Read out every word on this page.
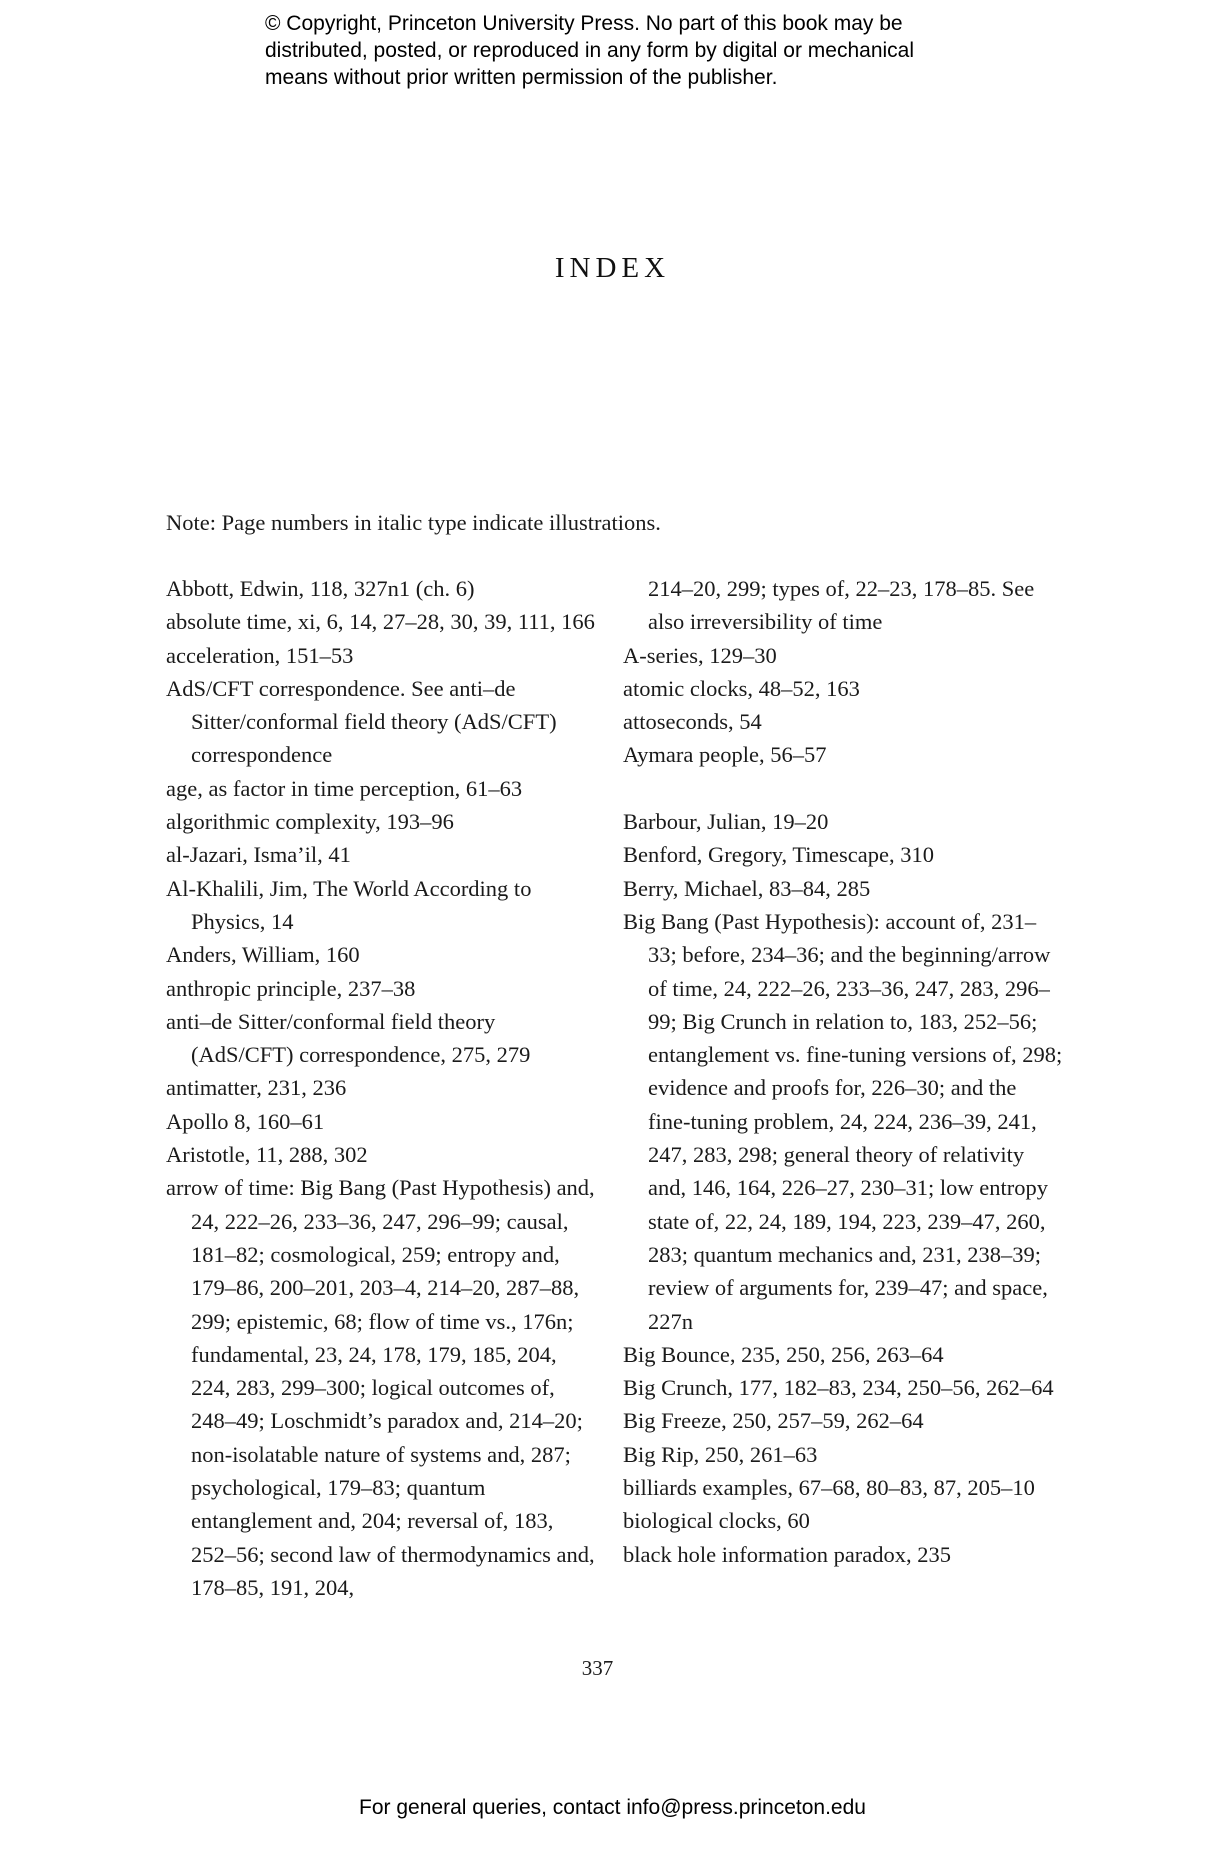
© Copyright, Princeton University Press. No part of this book may be
distributed, posted, or reproduced in any form by digital or mechanical
means without prior written permission of the publisher.
INDEX
Note: Page numbers in italic type indicate illustrations.
Abbott, Edwin, 118, 327n1 (ch. 6)
absolute time, xi, 6, 14, 27–28, 30, 39, 111, 166
acceleration, 151–53
AdS/CFT correspondence. See anti–de Sitter/conformal field theory (AdS/CFT) correspondence
age, as factor in time perception, 61–63
algorithmic complexity, 193–96
al-Jazari, Isma’il, 41
Al-Khalili, Jim, The World According to Physics, 14
Anders, William, 160
anthropic principle, 237–38
anti–de Sitter/conformal field theory (AdS/CFT) correspondence, 275, 279
antimatter, 231, 236
Apollo 8, 160–61
Aristotle, 11, 288, 302
arrow of time: Big Bang (Past Hypothesis) and, 24, 222–26, 233–36, 247, 296–99; causal, 181–82; cosmological, 259; entropy and, 179–86, 200–201, 203–4, 214–20, 287–88, 299; epistemic, 68; flow of time vs., 176n; fundamental, 23, 24, 178, 179, 185, 204, 224, 283, 299–300; logical outcomes of, 248–49; Loschmidt’s paradox and, 214–20; non-isolatable nature of systems and, 287; psychological, 179–83; quantum entanglement and, 204; reversal of, 183, 252–56; second law of thermodynamics and, 178–85, 191, 204,
214–20, 299; types of, 22–23, 178–85. See also irreversibility of time
A-series, 129–30
atomic clocks, 48–52, 163
attoseconds, 54
Aymara people, 56–57
Barbour, Julian, 19–20
Benford, Gregory, Timescape, 310
Berry, Michael, 83–84, 285
Big Bang (Past Hypothesis): account of, 231–33; before, 234–36; and the beginning/arrow of time, 24, 222–26, 233–36, 247, 283, 296–99; Big Crunch in relation to, 183, 252–56; entanglement vs. fine-tuning versions of, 298; evidence and proofs for, 226–30; and the fine-tuning problem, 24, 224, 236–39, 241, 247, 283, 298; general theory of relativity and, 146, 164, 226–27, 230–31; low entropy state of, 22, 24, 189, 194, 223, 239–47, 260, 283; quantum mechanics and, 231, 238–39; review of arguments for, 239–47; and space, 227n
Big Bounce, 235, 250, 256, 263–64
Big Crunch, 177, 182–83, 234, 250–56, 262–64
Big Freeze, 250, 257–59, 262–64
Big Rip, 250, 261–63
billiards examples, 67–68, 80–83, 87, 205–10
biological clocks, 60
black hole information paradox, 235
337
For general queries, contact info@press.princeton.edu
